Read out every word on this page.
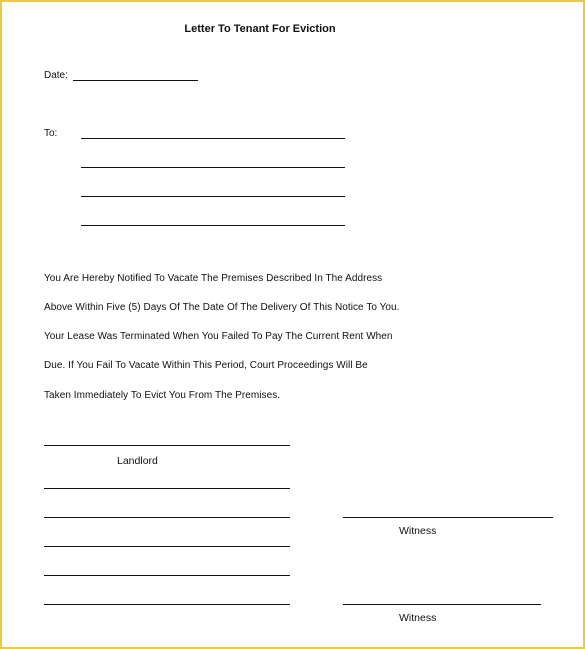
Letter To Tenant For Eviction
Date:
To:
You Are Hereby Notified To Vacate The Premises Described In The Address
Above Within Five (5) Days Of The Date Of The Delivery Of This Notice To You.
Your Lease Was Terminated When You Failed To Pay The Current Rent When
Due. If You Fail To Vacate Within This Period, Court Proceedings Will Be
Taken Immediately To Evict You From The Premises.
Landlord
Witness
Witness
